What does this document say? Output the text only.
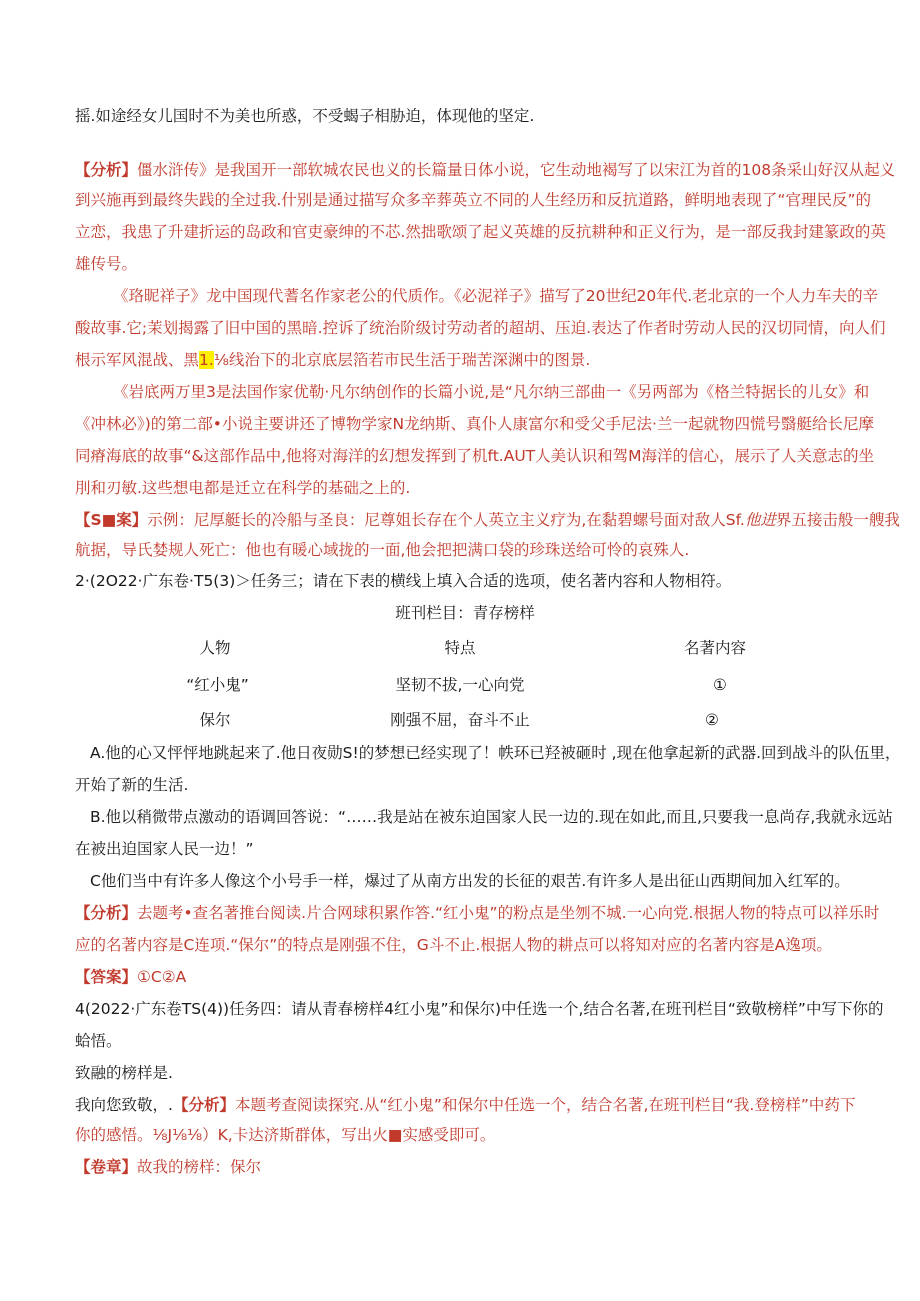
摇.如途经女儿国时不为美也所惑，不受蝎子相胁迫，体现他的坚定.
【分析】僵水浒传》是我国开一部软城农民也义的长篇量日体小说，它生动地褐写了以宋江为首的108条采山好汉从起义
到兴施再到最终失践的全过我.什别是通过描写众多辛葬英立不同的人生经历和反抗道路，鲜明地表现了“官理民反”的
立恋，我患了升建折运的岛政和官吏豪绅的不芯.然拙歌颂了起义英雄的反抗耕种和正义行为，是一部反我封建篆政的英
雄传号。
《珞昵祥子》龙中国现代蓍名作家老公的代质作。《必泥祥子》描写了20世纪20年代.老北京的一个人力车夫的辛
酸故事.它;茉划揭露了旧中国的黑暗.控诉了统治阶级讨劳动者的超胡、压迫.表达了作者时劳动人民的汉切同情，向人们
根示军风混战、黑1.⅛线治下的北京底层箔若市民生活于瑞苦深渊中的图景.
《岩底两万里3是法国作家优勒·凡尔纳创作的长篇小说,是“凡尔纳三部曲一《另两部为《格兰特据长的儿女》和
《冲林必》)的第二部•小说主要讲还了博物学家N龙纳斯、真仆人康富尔和受父手尼法·兰一起就物四慌号翳艇给长尼摩
同瘠海底的故事“&这部作品中,他将对海洋的幻想发挥到了机ft.AUT人美认识和驾M海洋的信心，展示了人关意志的坐
刖和刃敏.这些想电都是迁立在科学的基础之上的.
【S■案】示例：尼厚艇长的冷船与圣良：尼尊姐长存在个人英立主义疗为,在黏碧螺号面对敌人Sf.他进界五接击般一艘我
航据，导氏婪规人死亡：他也有暖心域拢的一面,他会把把满口袋的珍珠送给可怜的哀殊人.
2·(2O22·广东卷·T5(3)＞任务三；请在下表的横线上填入合适的选项，使名著内容和人物相符。
班刊栏目：青存榜样
人物	特点	名著内容
“红小鬼”	坚韧不拔,一心向党	①
保尔	刚强不屈，奋斗不止	②
A.他的心又怦怦地跳起来了.他日夜勋S!的梦想已经实现了！帙环已羟被砸时 ,现在他拿起新的武器.回到战斗的队伍里，
开始了新的生活.
B.他以稍微带点激动的语调回答说：“……我是站在被东迫国家人民一边的.现在如此,而且,只要我一息尚存,我就永远站
在被出迫国家人民一边！”
C他们当中有许多人像这个小号手一样，爆过了从南方出发的长征的艰苦.有许多人是出征山西期间加入红军的。
【分析】去题考•查名著推台阅读.片合网球积累作答.“红小鬼”的粉点是坐刎不城.一心向党.根据人物的特点可以祥乐时
应的名著内容是C连项.“保尔”的特点是刚强不住，G斗不止.根据人物的耕点可以将知对应的名著内容是A逸项。
【答案】①C②A
4(2022·广东卷TS(4))任务四：请从青春榜样4红小鬼”和保尔)中任选一个,结合名著,在班刊栏目“致敬榜样”中写下你的
蛤悟。
致融的榜样是.
我向您致敬，.【分析】本题考查阅读探究.从“红小鬼”和保尔中任选一个，结合名著,在班刊栏目“我.登榜样”中药下
你的感悟。⅛J⅛⅛）K,卡达济斯群体，写出火■实感受即可。
【卷章】故我的榜样：保尔
